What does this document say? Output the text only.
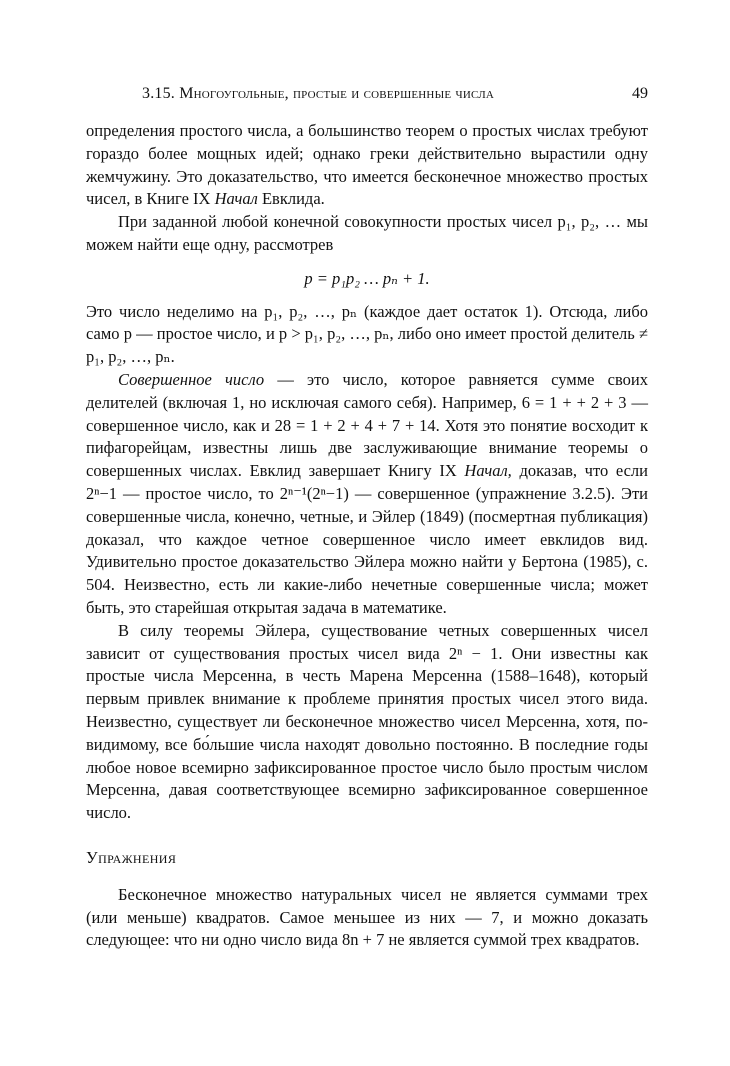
3.15. Многоугольные, простые и совершенные числа	49

определения простого числа, а большинство теорем о простых числах требуют гораздо более мощных идей; однако греки действительно вырастили одну жемчужину. Это доказательство, что имеется бесконечное множество простых чисел, в Книге IX Начал Евклида.

При заданной любой конечной совокупности простых чисел p₁, p₂, … мы можем найти еще одну, рассмотрев

p = p₁p₂ … pₙ + 1.

Это число неделимо на p₁, p₂, …, pₙ (каждое дает остаток 1). Отсюда, либо само p — простое число, и p > p₁, p₂, …, pₙ, либо оно имеет простой делитель ≠ p₁, p₂, …, pₙ.

Совершенное число — это число, которое равняется сумме своих делителей (включая 1, но исключая самого себя). Например, 6 = 1 + + 2 + 3 — совершенное число, как и 28 = 1 + 2 + 4 + 7 + 14. Хотя это понятие восходит к пифагорейцам, известны лишь две заслуживающие внимание теоремы о совершенных числах. Евклид завершает Книгу IX Начал, доказав, что если 2ⁿ−1 — простое число, то 2ⁿ⁻¹(2ⁿ−1) — совершенное (упражнение 3.2.5). Эти совершенные числа, конечно, четные, и Эйлер (1849) (посмертная публикация) доказал, что каждое четное совершенное число имеет евклидов вид. Удивительно простое доказательство Эйлера можно найти у Бертона (1985), с. 504. Неизвестно, есть ли какие-либо нечетные совершенные числа; может быть, это старейшая открытая задача в математике.

В силу теоремы Эйлера, существование четных совершенных чисел зависит от существования простых чисел вида 2ⁿ − 1. Они известны как простые числа Мерсенна, в честь Марена Мерсенна (1588–1648), который первым привлек внимание к проблеме принятия простых чисел этого вида. Неизвестно, существует ли бесконечное множество чисел Мерсенна, хотя, по-видимому, все бо́льшие числа находят довольно постоянно. В последние годы любое новое всемирно зафиксированное простое число было простым числом Мерсенна, давая соответствующее всемирно зафиксированное совершенное число.

Упражнения

Бесконечное множество натуральных чисел не является суммами трех (или меньше) квадратов. Самое меньшее из них — 7, и можно доказать следующее: что ни одно число вида 8n + 7 не является суммой трех квадратов.
